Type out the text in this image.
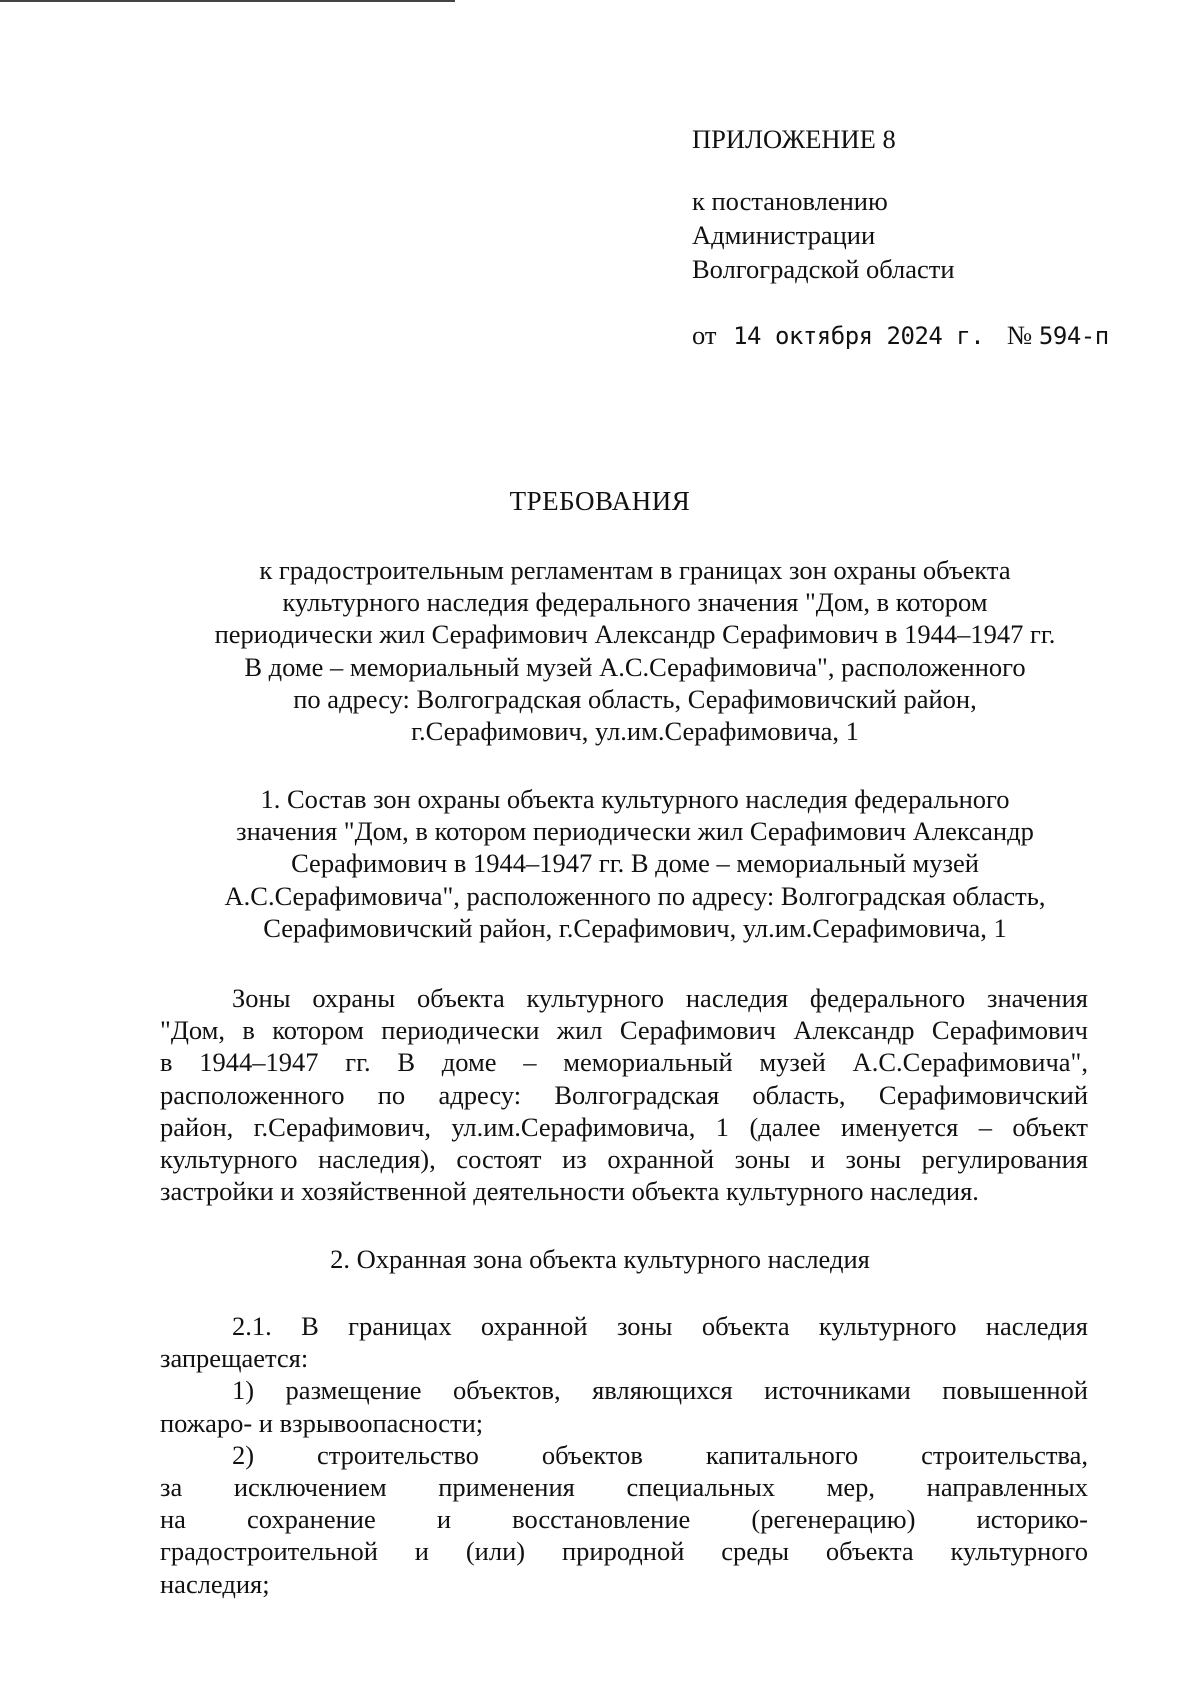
ПРИЛОЖЕНИЕ 8

к постановлению

Администрации

Волгоградской области

от 14 октября 2024 г. № 594-п
ТРЕБОВАНИЯ
к градостроительным регламентам в границах зон охраны объекта
культурного наследия федерального значения "Дом, в котором
периодически жил Серафимович Александр Серафимович в 1944–1947 гг.
В доме – мемориальный музей А.С.Серафимовича", расположенного
по адресу: Волгоградская область, Серафимовичский район,
г.Серафимович, ул.им.Серафимовича, 1
1. Состав зон охраны объекта культурного наследия федерального
значения "Дом, в котором периодически жил Серафимович Александр
Серафимович в 1944–1947 гг. В доме – мемориальный музей
А.С.Серафимовича", расположенного по адресу: Волгоградская область,
Серафимовичский район, г.Серафимович, ул.им.Серафимовича, 1
Зоны охраны объекта культурного наследия федерального значения
"Дом, в котором периодически жил Серафимович Александр Серафимович
в 1944–1947 гг. В доме – мемориальный музей А.С.Серафимовича",
расположенного по адресу: Волгоградская область, Серафимовичский
район, г.Серафимович, ул.им.Серафимовича, 1 (далее именуется – объект
культурного наследия), состоят из охранной зоны и зоны регулирования
застройки и хозяйственной деятельности объекта культурного наследия.
2. Охранная зона объекта культурного наследия
2.1. В границах охранной зоны объекта культурного наследия
запрещается:
1) размещение объектов, являющихся источниками повышенной
пожаро- и взрывоопасности;
2) строительство объектов капитального строительства,
за исключением применения специальных мер, направленных
на сохранение и восстановление (регенерацию) историко-
градостроительной и (или) природной среды объекта культурного
наследия;
